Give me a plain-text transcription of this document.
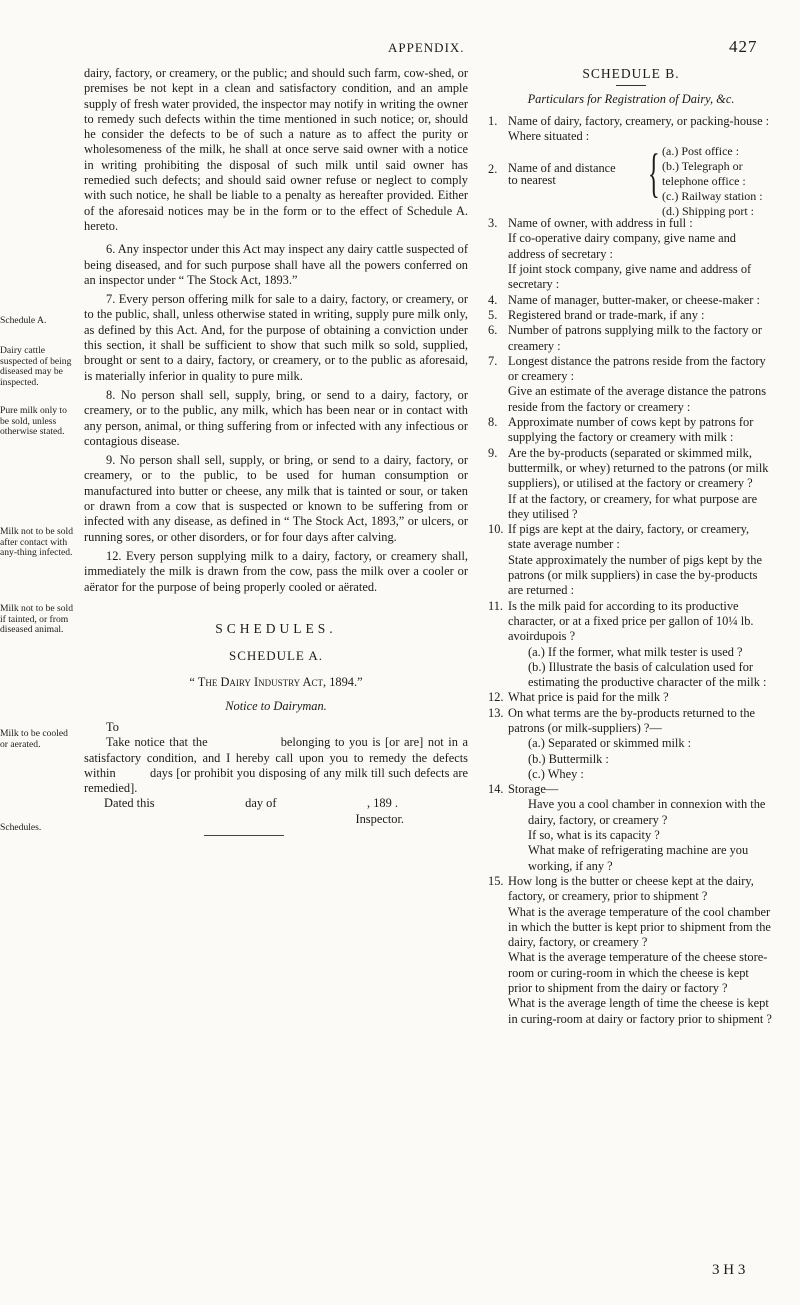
APPENDIX.	427
Schedule A.
Dairy cattle suspected of being diseased may be inspected.
Pure milk only to be sold, unless otherwise stated.
Milk not to be sold after contact with any-thing infected.
Milk not to be sold if tainted, or from diseased animal.
Milk to be cooled or aerated.
Schedules.

dairy, factory, or creamery, or the public; and should such farm, cow-shed, or premises be not kept in a clean and satisfactory condition, and an ample supply of fresh water provided, the inspector may notify in writing the owner to remedy such defects within the time mentioned in such notice; or, should he consider the defects to be of such a nature as to affect the purity or wholesomeness of the milk, he shall at once serve said owner with a notice in writing prohibiting the disposal of such milk until said owner has remedied such defects; and should said owner refuse or neglect to comply with such notice, he shall be liable to a penalty as hereafter provided. Either of the aforesaid notices may be in the form or to the effect of Schedule A. hereto.

6. Any inspector under this Act may inspect any dairy cattle suspected of being diseased, and for such purpose shall have all the powers conferred on an inspector under “ The Stock Act, 1893.”

7. Every person offering milk for sale to a dairy, factory, or creamery, or to the public, shall, unless otherwise stated in writing, supply pure milk only, as defined by this Act. And, for the purpose of obtaining a conviction under this section, it shall be sufficient to show that such milk so sold, supplied, brought or sent to a dairy, factory, or creamery, or to the public as aforesaid, is materially inferior in quality to pure milk.

8. No person shall sell, supply, bring, or send to a dairy, factory, or creamery, or to the public, any milk, which has been near or in contact with any person, animal, or thing suffering from or infected with any infectious or contagious disease.

9. No person shall sell, supply, or bring, or send to a dairy, factory, or creamery, or to the public, to be used for human consumption or manufactured into butter or cheese, any milk that is tainted or sour, or taken or drawn from a cow that is suspected or known to be suffering from or infected with any disease, as defined in “ The Stock Act, 1893,” or ulcers, or running sores, or other disorders, or for four days after calving.

12. Every person supplying milk to a dairy, factory, or creamery shall, immediately the milk is drawn from the cow, pass the milk over a cooler or aërator for the purpose of being properly cooled or aërated.

SCHEDULES.
SCHEDULE A.
“ The Dairy Industry Act, 1894.”
Notice to Dairyman.

To

Take notice that the                belonging to you is [or are] not in a satisfactory condition, and I hereby call upon you to remedy the defects within          days [or prohibit you disposing of any milk till such defects are remedied].

Dated this	day of	, 189 .
Inspector.
SCHEDULE B.
Particulars for Registration of Dairy, &c.
1. Name of dairy, factory, creamery, or packing-house :

Where situated :

2. Name of and distance to nearest	{ (a.) Post office :
(b.) Telegraph or telephone office :
(c.) Railway station :
(d.) Shipping port :
3. Name of owner, with address in full :

If co-operative dairy company, give name and address of secretary :

If joint stock company, give name and address of secretary :

4. Name of manager, butter-maker, or cheese-maker :

5. Registered brand or trade-mark, if any :

6. Number of patrons supplying milk to the factory or creamery :

7. Longest distance the patrons reside from the factory or creamery :

Give an estimate of the average distance the patrons reside from the factory or creamery :

8. Approximate number of cows kept by patrons for supplying the factory or creamery with milk :

9. Are the by-products (separated or skimmed milk, buttermilk, or whey) returned to the patrons (or milk suppliers), or utilised at the factory or creamery ?

If at the factory, or creamery, for what purpose are they utilised ?

10. If pigs are kept at the dairy, factory, or creamery, state average number :

State approximately the number of pigs kept by the patrons (or milk suppliers) in case the by-products are returned :

11. Is the milk paid for according to its productive character, or at a fixed price per gallon of 10¼ lb. avoirdupois ?

(a.) If the former, what milk tester is used ?

(b.) Illustrate the basis of calculation used for estimating the productive character of the milk :

12. What price is paid for the milk ?

13. On what terms are the by-products returned to the patrons (or milk-suppliers) ?—

(a.) Separated or skimmed milk :

(b.) Buttermilk :

(c.) Whey :

14. Storage—

Have you a cool chamber in connexion with the dairy, factory, or creamery ?

If so, what is its capacity ?

What make of refrigerating machine are you working, if any ?

15. How long is the butter or cheese kept at the dairy, factory, or creamery, prior to shipment ?

What is the average temperature of the cool chamber in which the butter is kept prior to shipment from the dairy, factory, or creamery ?

What is the average temperature of the cheese store-room or curing-room in which the cheese is kept prior to shipment from the dairy or factory ?

What is the average length of time the cheese is kept in curing-room at dairy or factory prior to shipment ?

3 H 3
